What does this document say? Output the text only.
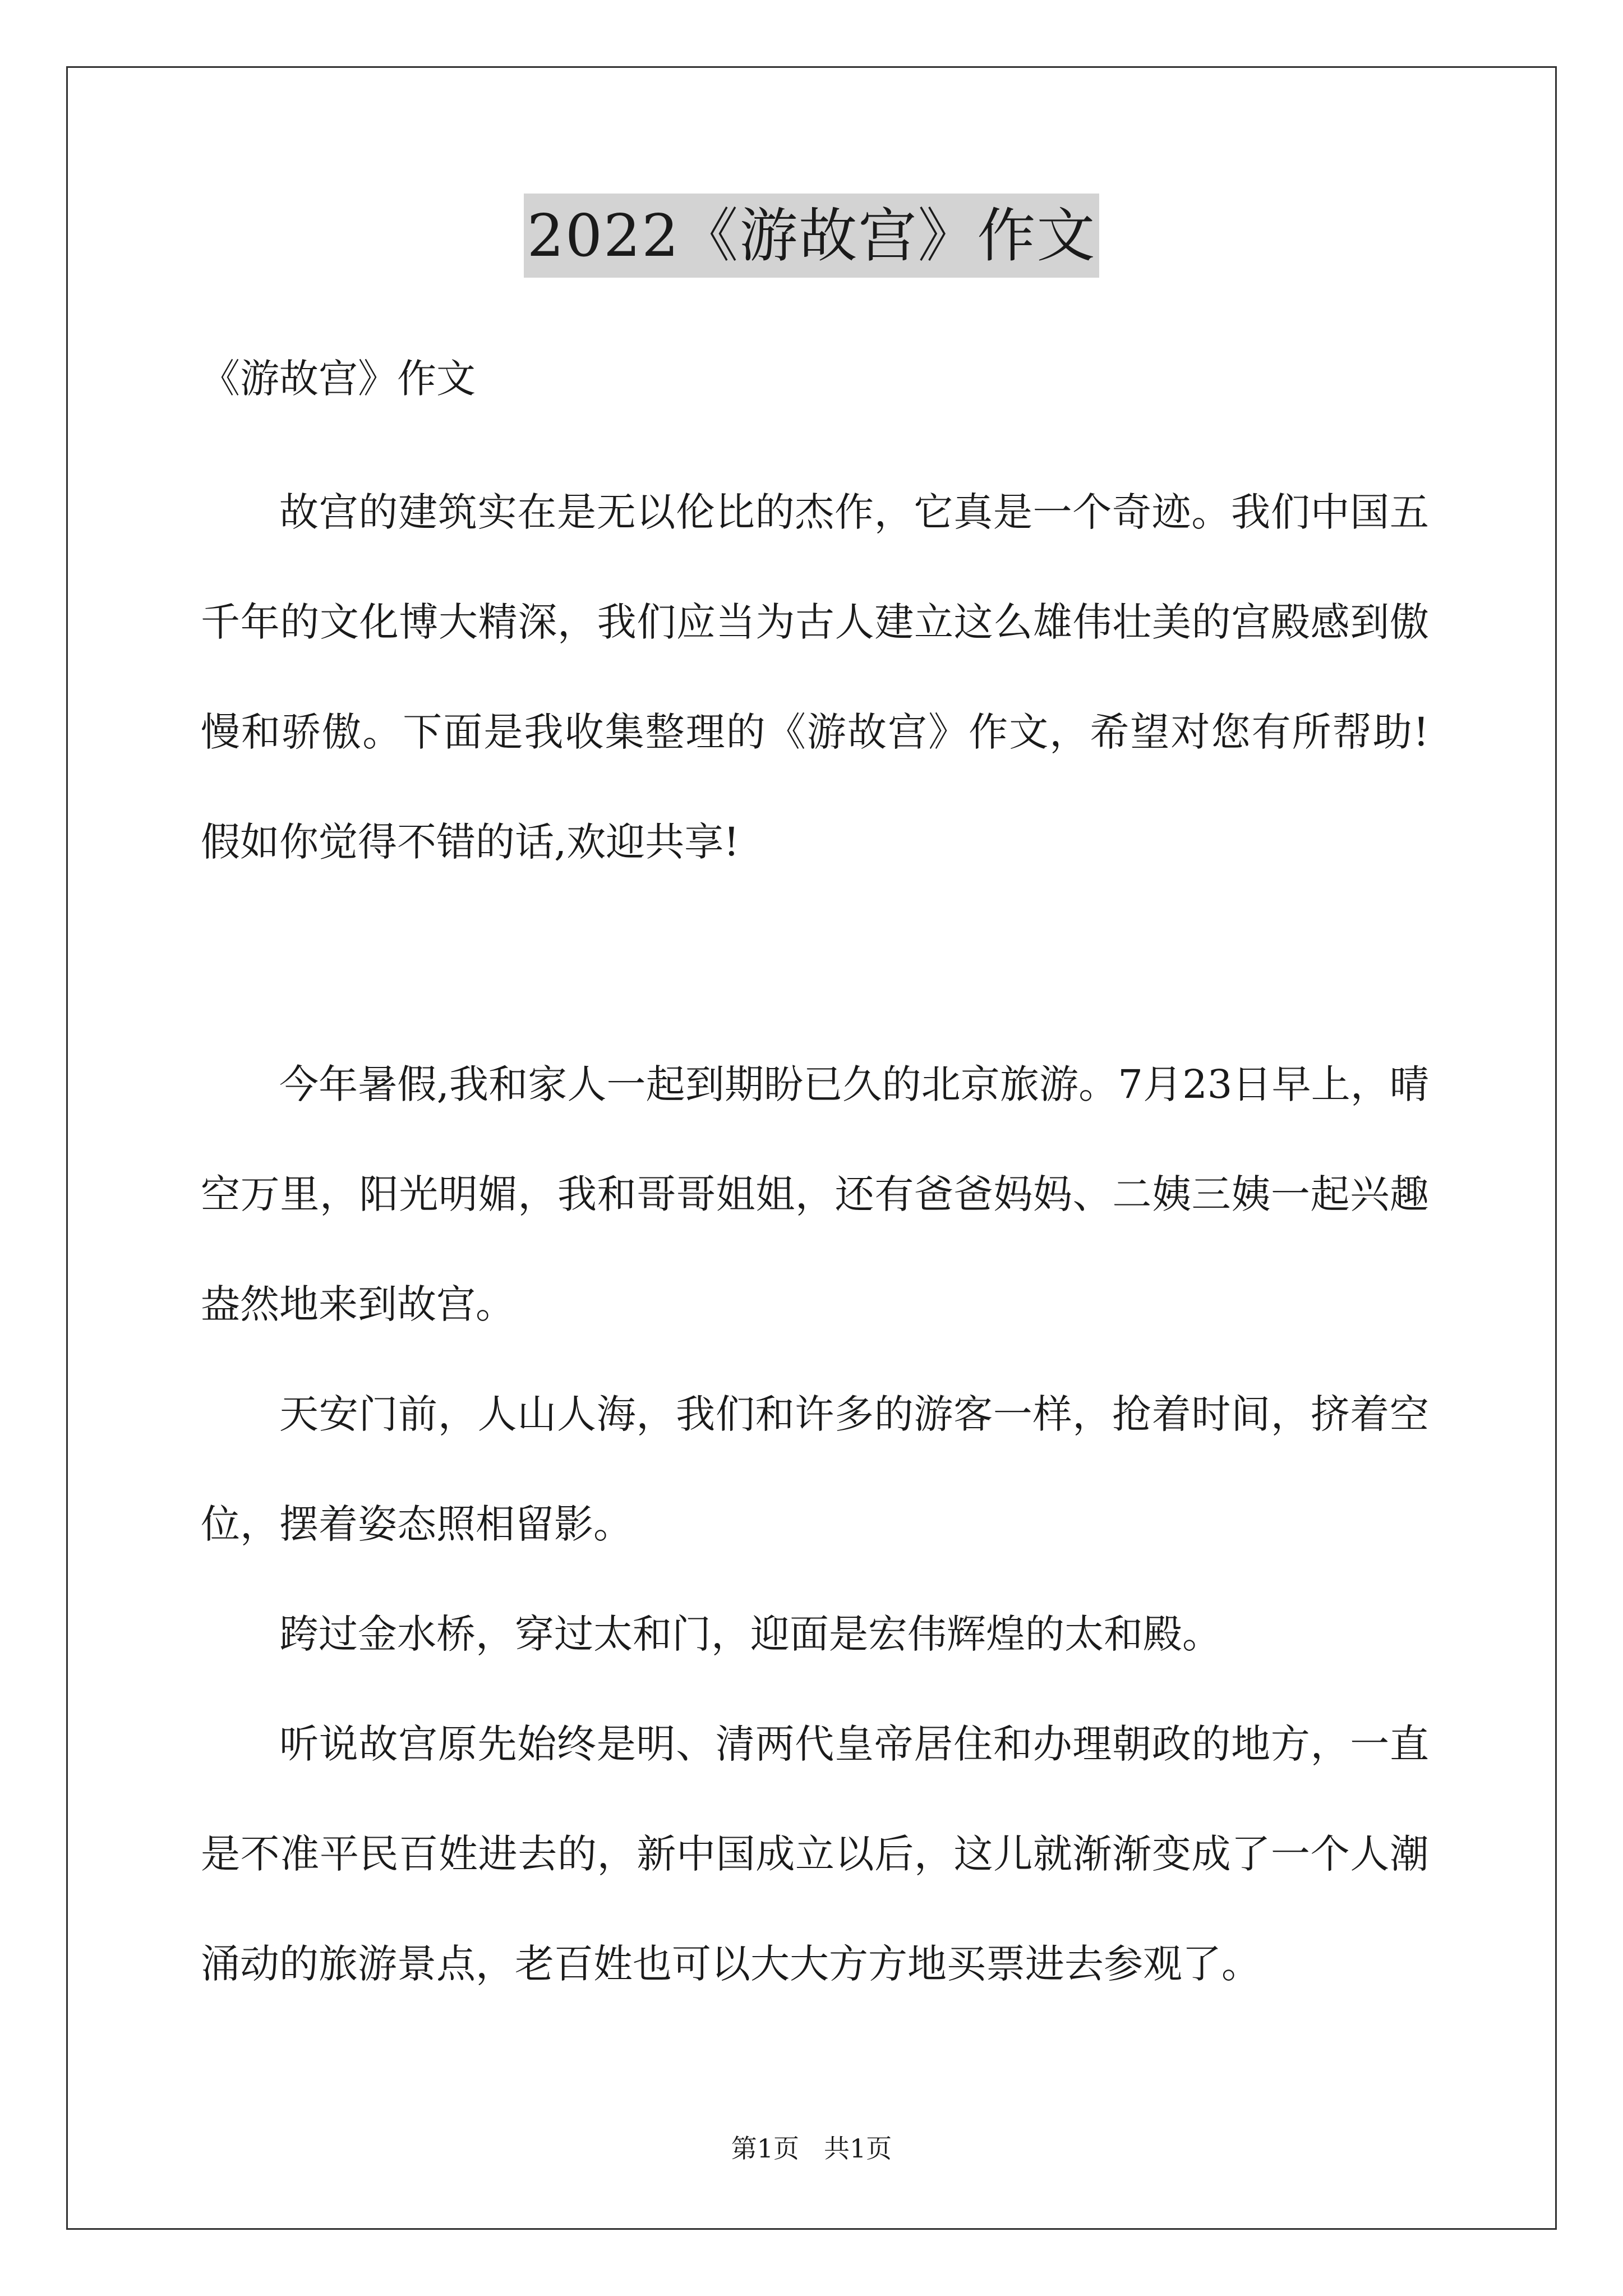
2022《游故宫》作文
《游故宫》作文

故宫的建筑实在是无以伦比的杰作，它真是一个奇迹。我们中国五千年的文化博大精深，我们应当为古人建立这么雄伟壮美的宫殿感到傲慢和骄傲。下面是我收集整理的《游故宫》作文，希望对您有所帮助!假如你觉得不错的话,欢迎共享!

今年暑假,我和家人一起到期盼已久的北京旅游。7月23日早上，晴空万里，阳光明媚，我和哥哥姐姐，还有爸爸妈妈、二姨三姨一起兴趣盎然地来到故宫。

天安门前，人山人海，我们和许多的游客一样，抢着时间，挤着空位，摆着姿态照相留影。

跨过金水桥，穿过太和门，迎面是宏伟辉煌的太和殿。

听说故宫原先始终是明、清两代皇帝居住和办理朝政的地方，一直是不准平民百姓进去的，新中国成立以后，这儿就渐渐变成了一个人潮涌动的旅游景点，老百姓也可以大大方方地买票进去参观了。

第1页 共1页
